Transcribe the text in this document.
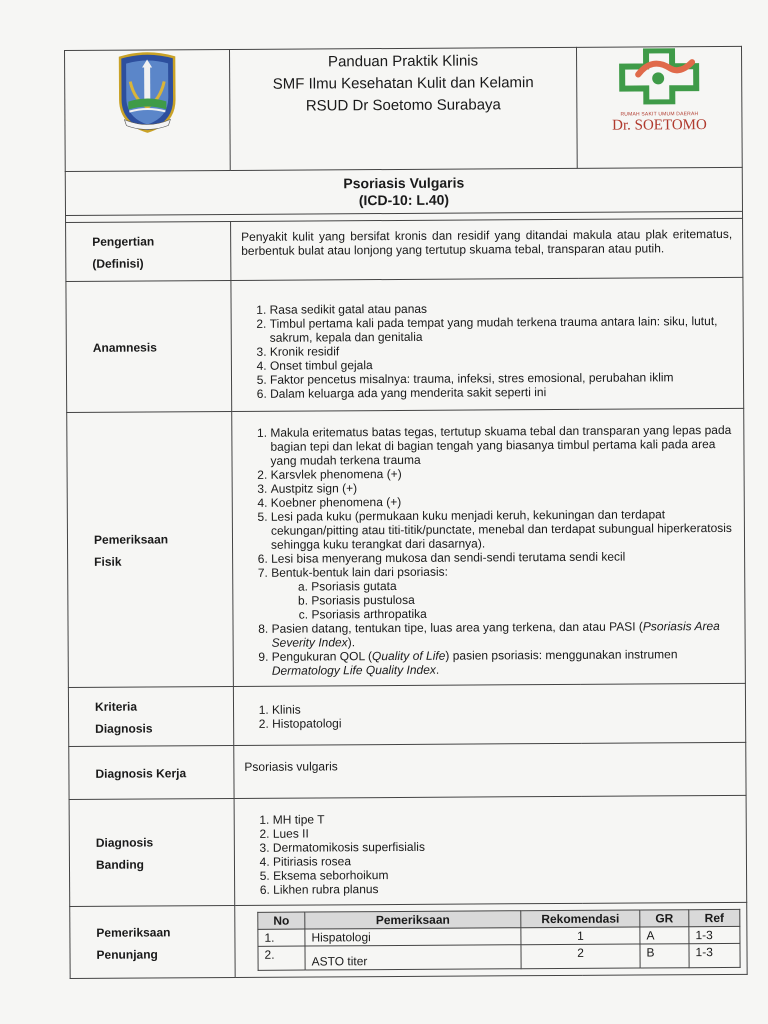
Panduan Praktik Klinis
SMF Ilmu Kesehatan Kulit dan Kelamin
RSUD Dr Soetomo Surabaya	RUMAH SAKIT UMUM DAERAH
Dr. SOETOMO

Psoriasis Vulgaris
(ICD-10: L.40)

Pengertian
(Definisi)

Penyakit kulit yang bersifat kronis dan residif yang ditandai makula atau plak eritematus, berbentuk bulat atau lonjong yang tertutup skuama tebal, transparan atau putih.

Anamnesis	
1. Rasa sedikit gatal atau panas
2. Timbul pertama kali pada tempat yang mudah terkena trauma antara lain: siku, lutut, sakrum, kepala dan genitalia
3. Kronik residif
4. Onset timbul gejala
5. Faktor pencetus misalnya: trauma, infeksi, stres emosional, perubahan iklim
6. Dalam keluarga ada yang menderita sakit seperti ini

Pemeriksaan
Fisik

1. Makula eritematus batas tegas, tertutup skuama tebal dan transparan yang lepas pada bagian tepi dan lekat di bagian tengah yang biasanya timbul pertama kali pada area yang mudah terkena trauma
2. Karsvlek phenomena (+)
3. Austpitz sign (+)
4. Koebner phenomena (+)
5. Lesi pada kuku (permukaan kuku menjadi keruh, kekuningan dan terdapat cekungan/pitting atau titi-titik/punctate, menebal dan terdapat subungual hiperkeratosis sehingga kuku terangkat dari dasarnya).
6. Lesi bisa menyerang mukosa dan sendi-sendi terutama sendi kecil
7. Bentuk-bentuk lain dari psoriasis:
a. Psoriasis gutata
b. Psoriasis pustulosa
c. Psoriasis arthropatika
8. Pasien datang, tentukan tipe, luas area yang terkena, dan atau PASI (Psoriasis Area Severity Index).
9. Pengukuran QOL (Quality of Life) pasien psoriasis: menggunakan instrumen Dermatology Life Quality Index.

Kriteria
Diagnosis

1. Klinis
2. Histopatologi

Diagnosis Kerja	Psoriasis vulgaris

Diagnosis
Banding

1. MH tipe T
2. Lues II
3. Dermatomikosis superfisialis
4. Pitiriasis rosea
5. Eksema seborhoikum
6. Likhen rubra planus

Pemeriksaan
Penunjang

No	Pemeriksaan	Rekomendasi	GR	Ref
1.	Hispatologi	1	A	1-3
2.	ASTO titer	2	B	1-3
